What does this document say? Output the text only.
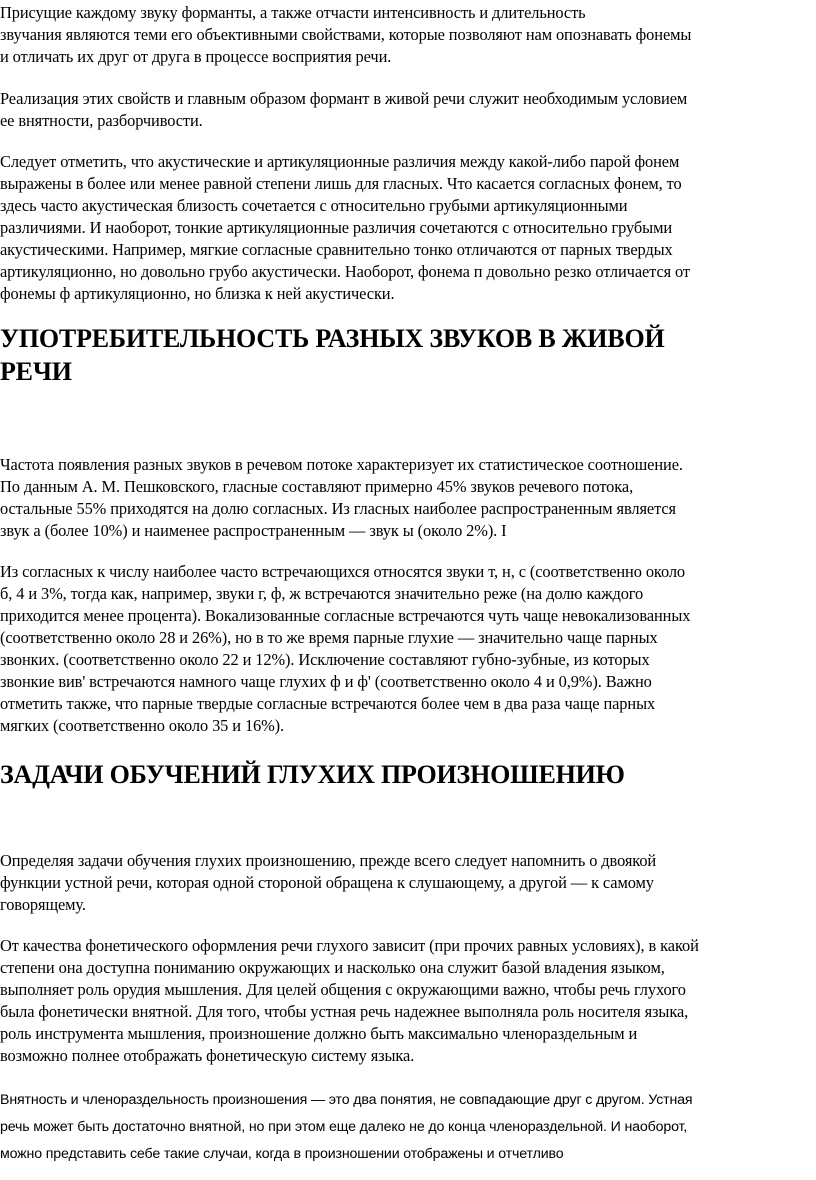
Присущие каждому звуку форманты, а также отчасти интенсивность и длительность
звучания являются теми его объективными свойствами, которые позволяют нам опознавать фонемы
и отличать их друг от друга в процессе восприятия речи.
Реализация этих свойств и главным образом формант в живой речи служит необходимым условием
ее внятности, разборчивости.
Следует отметить, что акустические и артикуляционные различия между какой-либо парой фонем
выражены в более или менее равной степени лишь для гласных. Что касается согласных фонем, то
здесь часто акустическая близость сочетается с относительно грубыми артикуляционными
различиями. И наоборот, тонкие артикуляционные различия сочетаются с относительно грубыми
акустическими. Например, мягкие согласные сравнительно тонко отличаются от парных твердых
артикуляционно, но довольно грубо акустически. Наоборот, фонема п довольно резко отличается от
фонемы ф артикуляционно, но близка к ней акустически.
УПОТРЕБИТЕЛЬНОСТЬ РАЗНЫХ ЗВУКОВ В ЖИВОЙ
РЕЧИ
Частота появления разных звуков в речевом потоке характеризует их статистическое соотношение.
По данным А. М. Пешковского, гласные составляют примерно 45% звуков речевого потока,
остальные 55% приходятся на долю согласных. Из гласных наиболее распространенным является
звук а (более 10%) и наименее распространенным — звук ы (около 2%). I
Из согласных к числу наиболее часто встречающихся относятся звуки т, н, с (соответственно около
б, 4 и 3%, тогда как, например, звуки г, ф, ж встречаются значительно реже (на долю каждого
приходится менее процента). Вокализованные согласные встречаются чуть чаще невокализованных
(соответственно около 28 и 26%), но в то же время парные глухие — значительно чаще парных
звонких. (соответственно около 22 и 12%). Исключение составляют губно-зубные, из которых
звонкие вив' встречаются намного чаще глухих ф и ф' (соответственно около 4 и 0,9%). Важно
отметить также, что парные твердые согласные встречаются более чем в два раза чаще парных
мягких (соответственно около 35 и 16%).
ЗАДАЧИ ОБУЧЕНИЙ ГЛУХИХ ПРОИЗНОШЕНИЮ
Определяя задачи обучения глухих произношению, прежде всего следует напомнить о двоякой
функции устной речи, которая одной стороной обращена к слушающему, а другой — к самому
говорящему.
От качества фонетического оформления речи глухого зависит (при прочих равных условиях), в какой
степени она доступна пониманию окружающих и насколько она служит базой владения языком,
выполняет роль орудия мышления. Для целей общения с окружающими важно, чтобы речь глухого
была фонетически внятной. Для того, чтобы устная речь надежнее выполняла роль носителя языка,
роль инструмента мышления, произношение должно быть максимально членораздельным и
возможно полнее отображать фонетическую систему языка.
Внятность и членораздельность произношения — это два понятия, не совпадающие друг с другом. Устная
речь может быть достаточно внятной, но при этом еще далеко не до конца членораздельной. И наоборот,
можно представить себе такие случаи, когда в произношении отображены и отчетливо
